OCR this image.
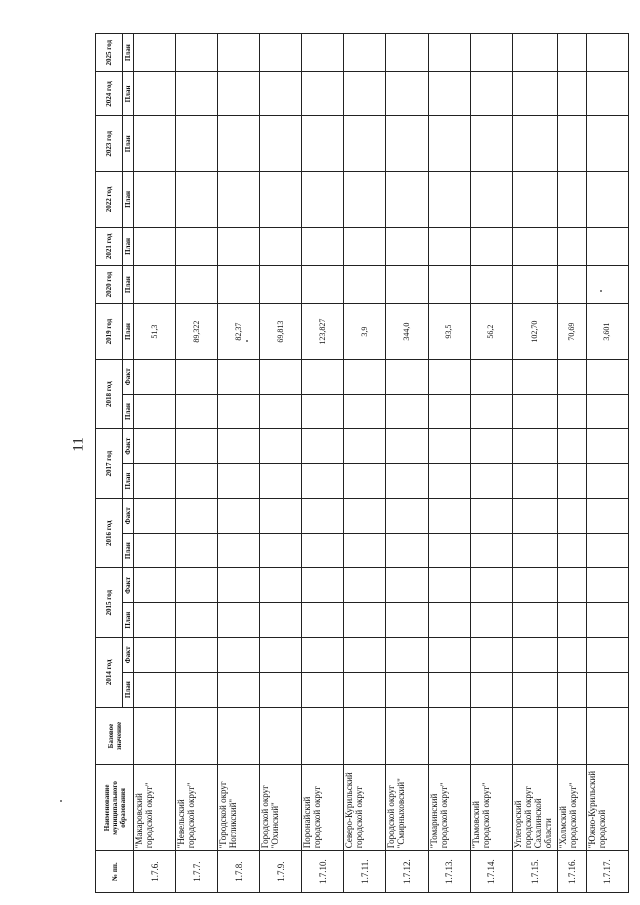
11
№ пп.	Наименование муниципального образования	Базовое значение	2014 год		2015 год		2016 год		2017 год		2018 год		2019 год	2020 год	2021 год	2022 год	2023 год	2024 год	2025 год
			План	Факт	План	Факт	План	Факт	План	Факт	План	Факт	План	План	План	План	План	План	План
1.7.6.	"Макаровский городской округ"												51,3						
1.7.7.	"Невельский городской округ"												89,322						
1.7.8.	"Городской округ Ногликский"												82,37						
1.7.9.	Городской округ "Охинский"												69,813						
1.7.10.	Поронайский городской округ												123,827						
1.7.11.	Северо-Курильский городской округ												3,9						
1.7.12.	Городской округ "Смирныховский"												344,0						
1.7.13.	"Томаринский городской округ"												93,5						
1.7.14.	"Тымовский городской округ"												56,2						
1.7.15.	Углегорский городской округ Сахалинской области												102,70						
1.7.16.	"Холмский городской округ"												70,69						
1.7.17.	"Южно-Курильский городской												3,601						
